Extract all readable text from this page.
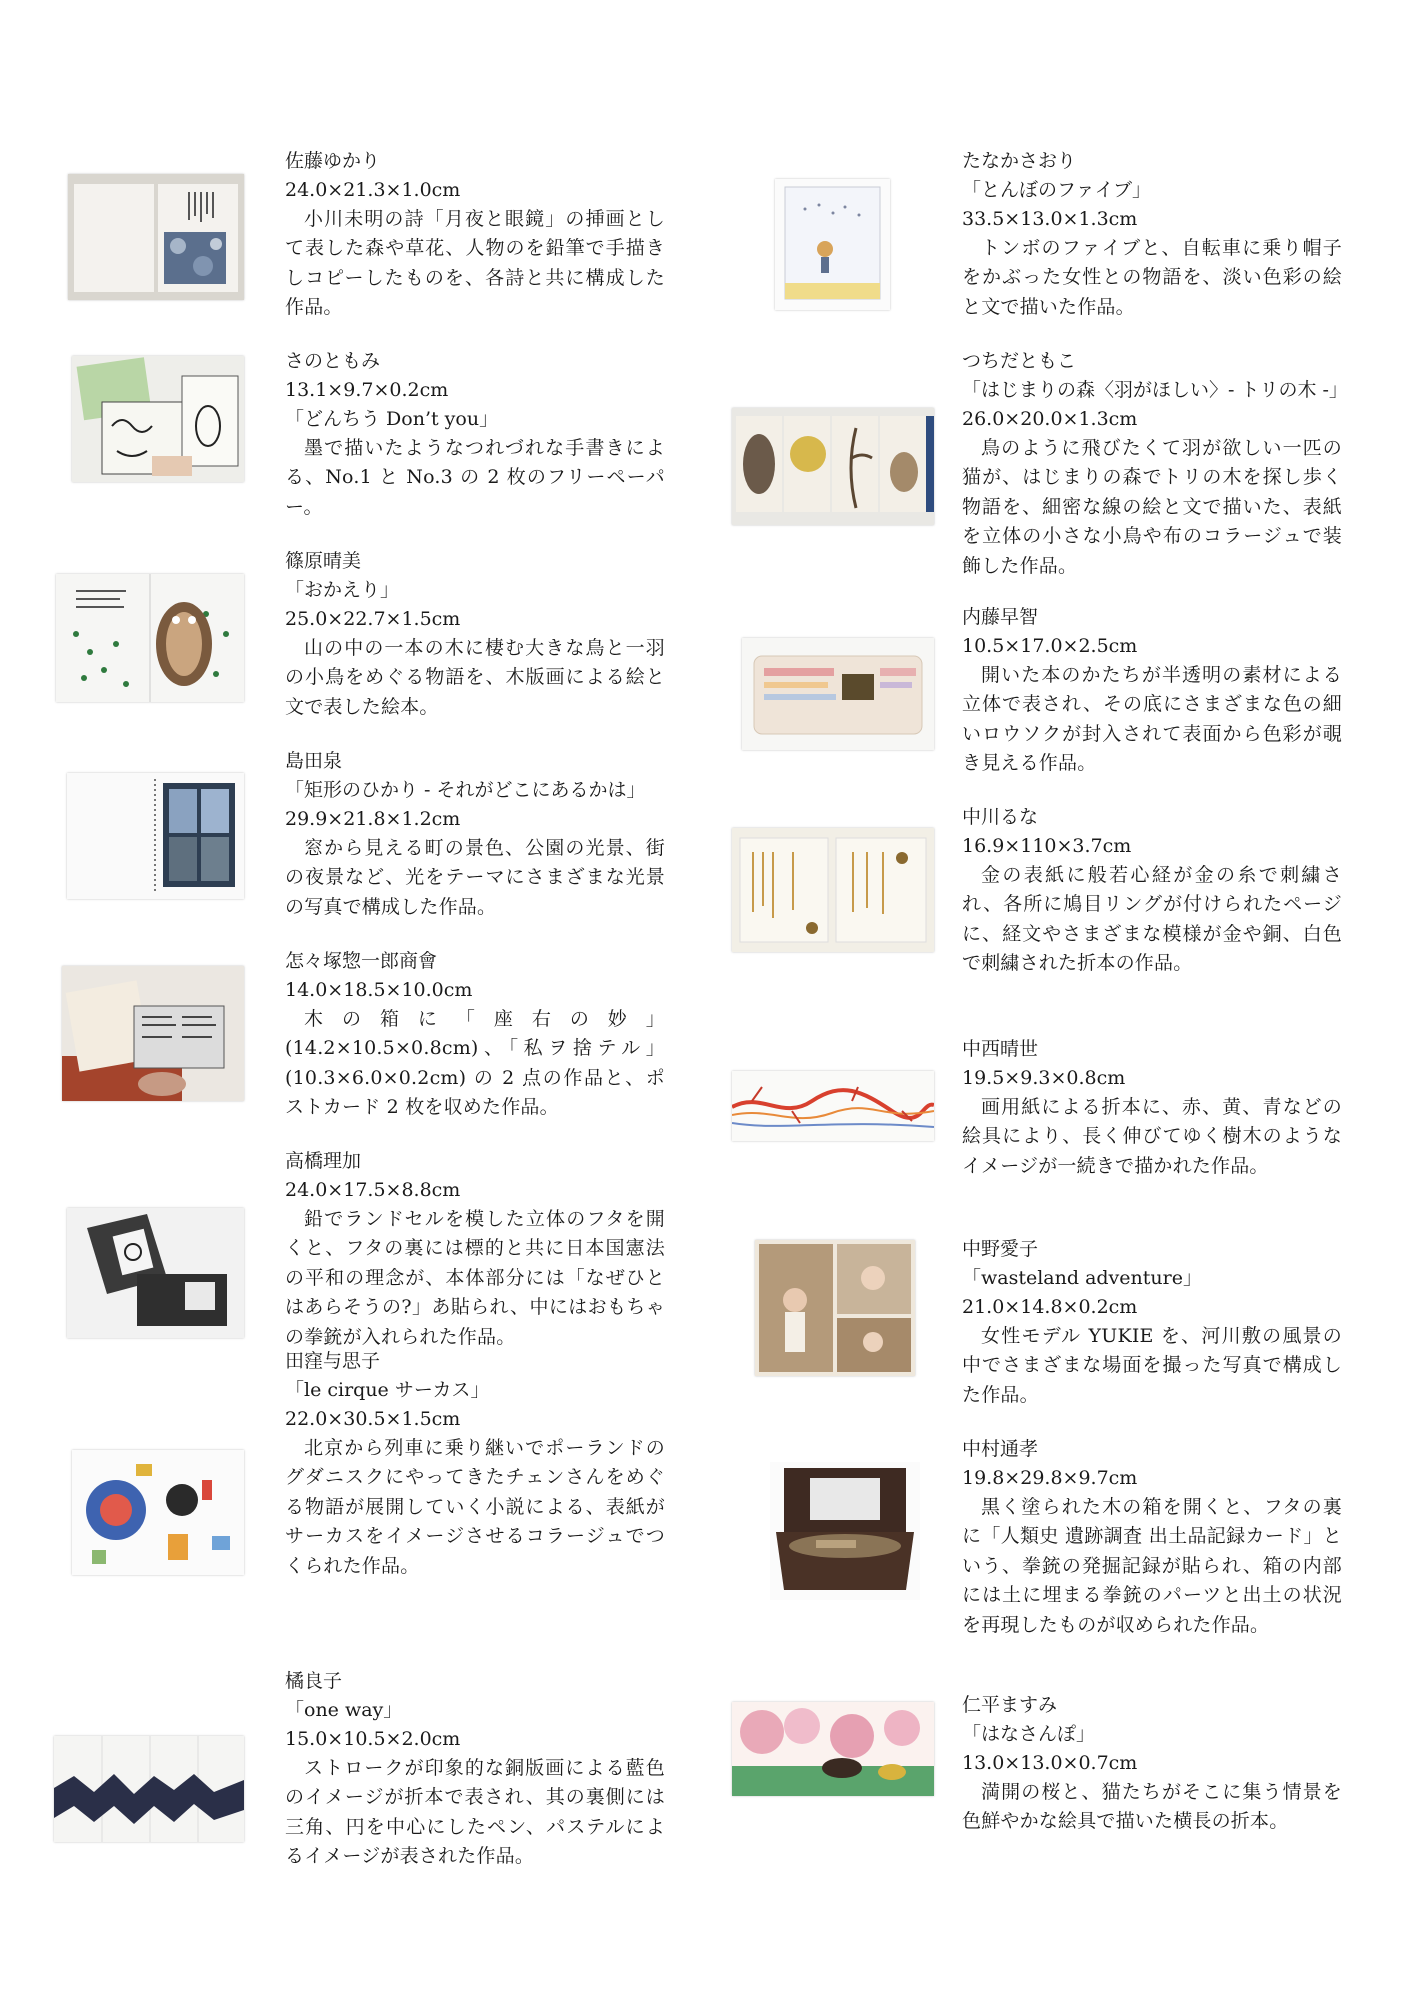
佐藤ゆかり

24.0×21.3×1.0cm

小川未明の詩「月夜と眼鏡」の挿画として表した森や草花、人物のを鉛筆で手描きしコピーしたものを、各詩と共に構成した作品。

さのともみ

13.1×9.7×0.2cm

「どんちう Don’t you」

墨で描いたようなつれづれな手書きによる、No.1 と No.3 の 2 枚のフリーペーパー。

篠原晴美

「おかえり」

25.0×22.7×1.5cm

山の中の一本の木に棲む大きな鳥と一羽の小鳥をめぐる物語を、木版画による絵と文で表した絵本。

島田泉

「矩形のひかり - それがどこにあるかは」

29.9×21.8×1.2cm

窓から見える町の景色、公園の光景、街の夜景など、光をテーマにさまざまな光景の写真で構成した作品。

怎々塚惣一郎商會

14.0×18.5×10.0cm

木の箱に「座右の妙」(14.2×10.5×0.8cm)、「私ヲ捨テル」(10.3×6.0×0.2cm) の 2 点の作品と、ポストカード 2 枚を収めた作品。

高橋理加

24.0×17.5×8.8cm

鉛でランドセルを模した立体のフタを開くと、フタの裏には標的と共に日本国憲法の平和の理念が、本体部分には「なぜひとはあらそうの?」あ貼られ、中にはおもちゃの拳銃が入れられた作品。

田窪与思子

「le cirque サーカス」

22.0×30.5×1.5cm

北京から列車に乗り継いでポーランドのグダニスクにやってきたチェンさんをめぐる物語が展開していく小説による、表紙がサーカスをイメージさせるコラージュでつくられた作品。

橘良子

「one way」

15.0×10.5×2.0cm

ストロークが印象的な銅版画による藍色のイメージが折本で表され、其の裏側には三角、円を中心にしたペン、パステルによるイメージが表された作品。

たなかさおり

「とんぼのファイブ」

33.5×13.0×1.3cm

トンボのファイブと、自転車に乗り帽子をかぶった女性との物語を、淡い色彩の絵と文で描いた作品。

つちだともこ

「はじまりの森〈羽がほしい〉- トリの木 -」

26.0×20.0×1.3cm

鳥のように飛びたくて羽が欲しい一匹の猫が、はじまりの森でトリの木を探し歩く物語を、細密な線の絵と文で描いた、表紙を立体の小さな小鳥や布のコラージュで装飾した作品。

内藤早智

10.5×17.0×2.5cm

開いた本のかたちが半透明の素材による立体で表され、その底にさまざまな色の細いロウソクが封入されて表面から色彩が覗き見える作品。

中川るな

16.9×110×3.7cm

金の表紙に般若心経が金の糸で刺繍され、各所に鳩目リングが付けられたページに、経文やさまざまな模様が金や銅、白色で刺繍された折本の作品。

中西晴世

19.5×9.3×0.8cm

画用紙による折本に、赤、黄、青などの絵具により、長く伸びてゆく樹木のようなイメージが一続きで描かれた作品。

中野愛子

「wasteland adventure」

21.0×14.8×0.2cm

女性モデル YUKIE を、河川敷の風景の中でさまざまな場面を撮った写真で構成した作品。

中村通孝

19.8×29.8×9.7cm

黒く塗られた木の箱を開くと、フタの裏に「人類史 遺跡調査 出土品記録カード」という、拳銃の発掘記録が貼られ、箱の内部には土に埋まる拳銃のパーツと出土の状況を再現したものが収められた作品。

仁平ますみ

「はなさんぽ」

13.0×13.0×0.7cm

満開の桜と、猫たちがそこに集う情景を色鮮やかな絵具で描いた横長の折本。
